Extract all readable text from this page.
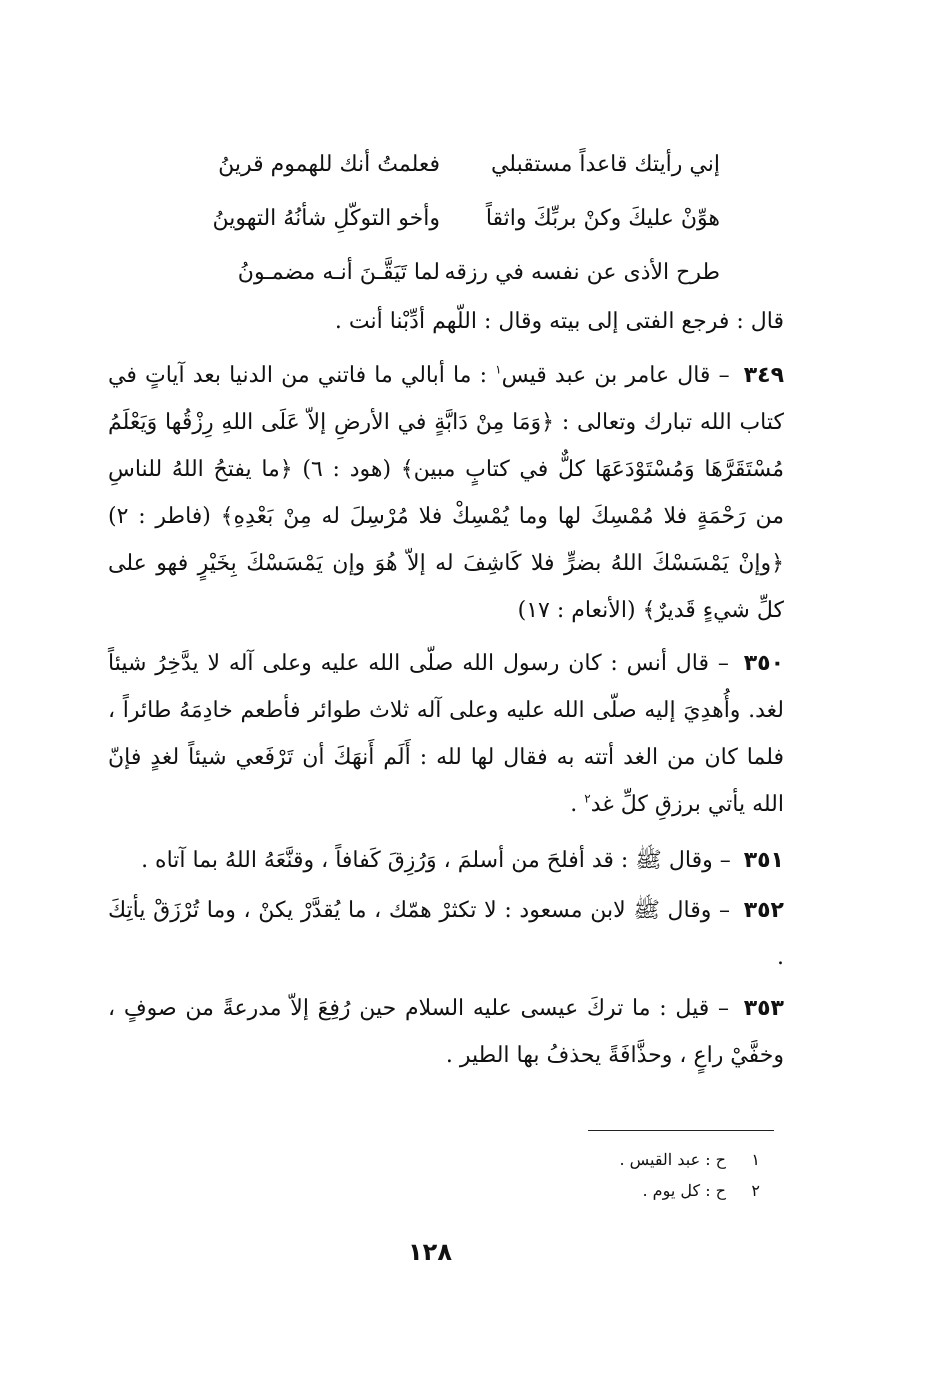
إني رأيتك قاعداً مستقبلي
فعلمتُ أنك للهموم قرينُ
هوِّنْ عليكَ وكنْ بربِّكَ واثقاً
وأخو التوكّلِ شأنُهُ التهوينُ
طرح الأذى عن نفسه في رزقه
لما تَيَقَّـنَ أنـه مضمـونُ

قال : فرجع الفتى إلى بيته وقال : اللّهم أدِّبْنا أنت .

٣٤٩ – قال عامر بن عبد قيس$^١$ : ما أبالي ما فاتني من الدنيا بعد آياتٍ في كتاب الله تبارك وتعالى : ﴿وَمَا مِنْ دَابَّةٍ في الأرضِ إلاّ عَلَى اللهِ رِزْقُها وَيَعْلَمُ مُسْتَقَرَّهَا وَمُسْتَوْدَعَهَا كلٌّ في كتابٍ مبين﴾ (هود : ٦) ﴿ما يفتحُ اللهُ للناسِ من رَحْمَةٍ فلا مُمْسِكَ لها وما يُمْسِكْ فلا مُرْسِلَ له مِنْ بَعْدِهِ﴾ (فاطر : ٢) ﴿وإنْ يَمْسَسْكَ اللهُ بضرٍّ فلا كَاشِفَ له إلاّ هُوَ وإن يَمْسَسْكَ بِخَيْرٍ فهو على كلِّ شيءٍ قَديرٌ﴾ (الأنعام : ١٧)

٣٥٠ – قال أنس : كان رسول الله صلّى الله عليه وعلى آله لا يدَّخِرُ شيئاً لغد. وأُهدِيَ إليه صلّى الله عليه وعلى آله ثلاث طوائر فأطعم خادِمَهُ طائراً ، فلما كان من الغد أتته به فقال لها لله : أَلَم أَنهَكَ أن تَرْفَعي شيئاً لغدٍ فإنّ الله يأتي برزقِ كلِّ غد$^٢$ .

٣٥١ – وقال ﷺ : قد أفلحَ من أسلمَ ، وَرُزِقَ كَفافاً ، وقنَّعَهُ اللهُ بما آتاه .

٣٥٢ – وقال ﷺ لابن مسعود : لا تكثرْ همّك ، ما يُقدَّرْ يكنْ ، وما تُرْزَقْ يأتِكَ .

٣٥٣ – قيل : ما تركَ عيسى عليه السلام حين رُفِعَ إلاّ مدرعةً من صوفٍ ، وخفَّيْ راعٍ ، وحذَّافَةً يحذفُ بها الطير .

١ح : عبد القيس .
٢ح : كل يوم .
١٢٨
